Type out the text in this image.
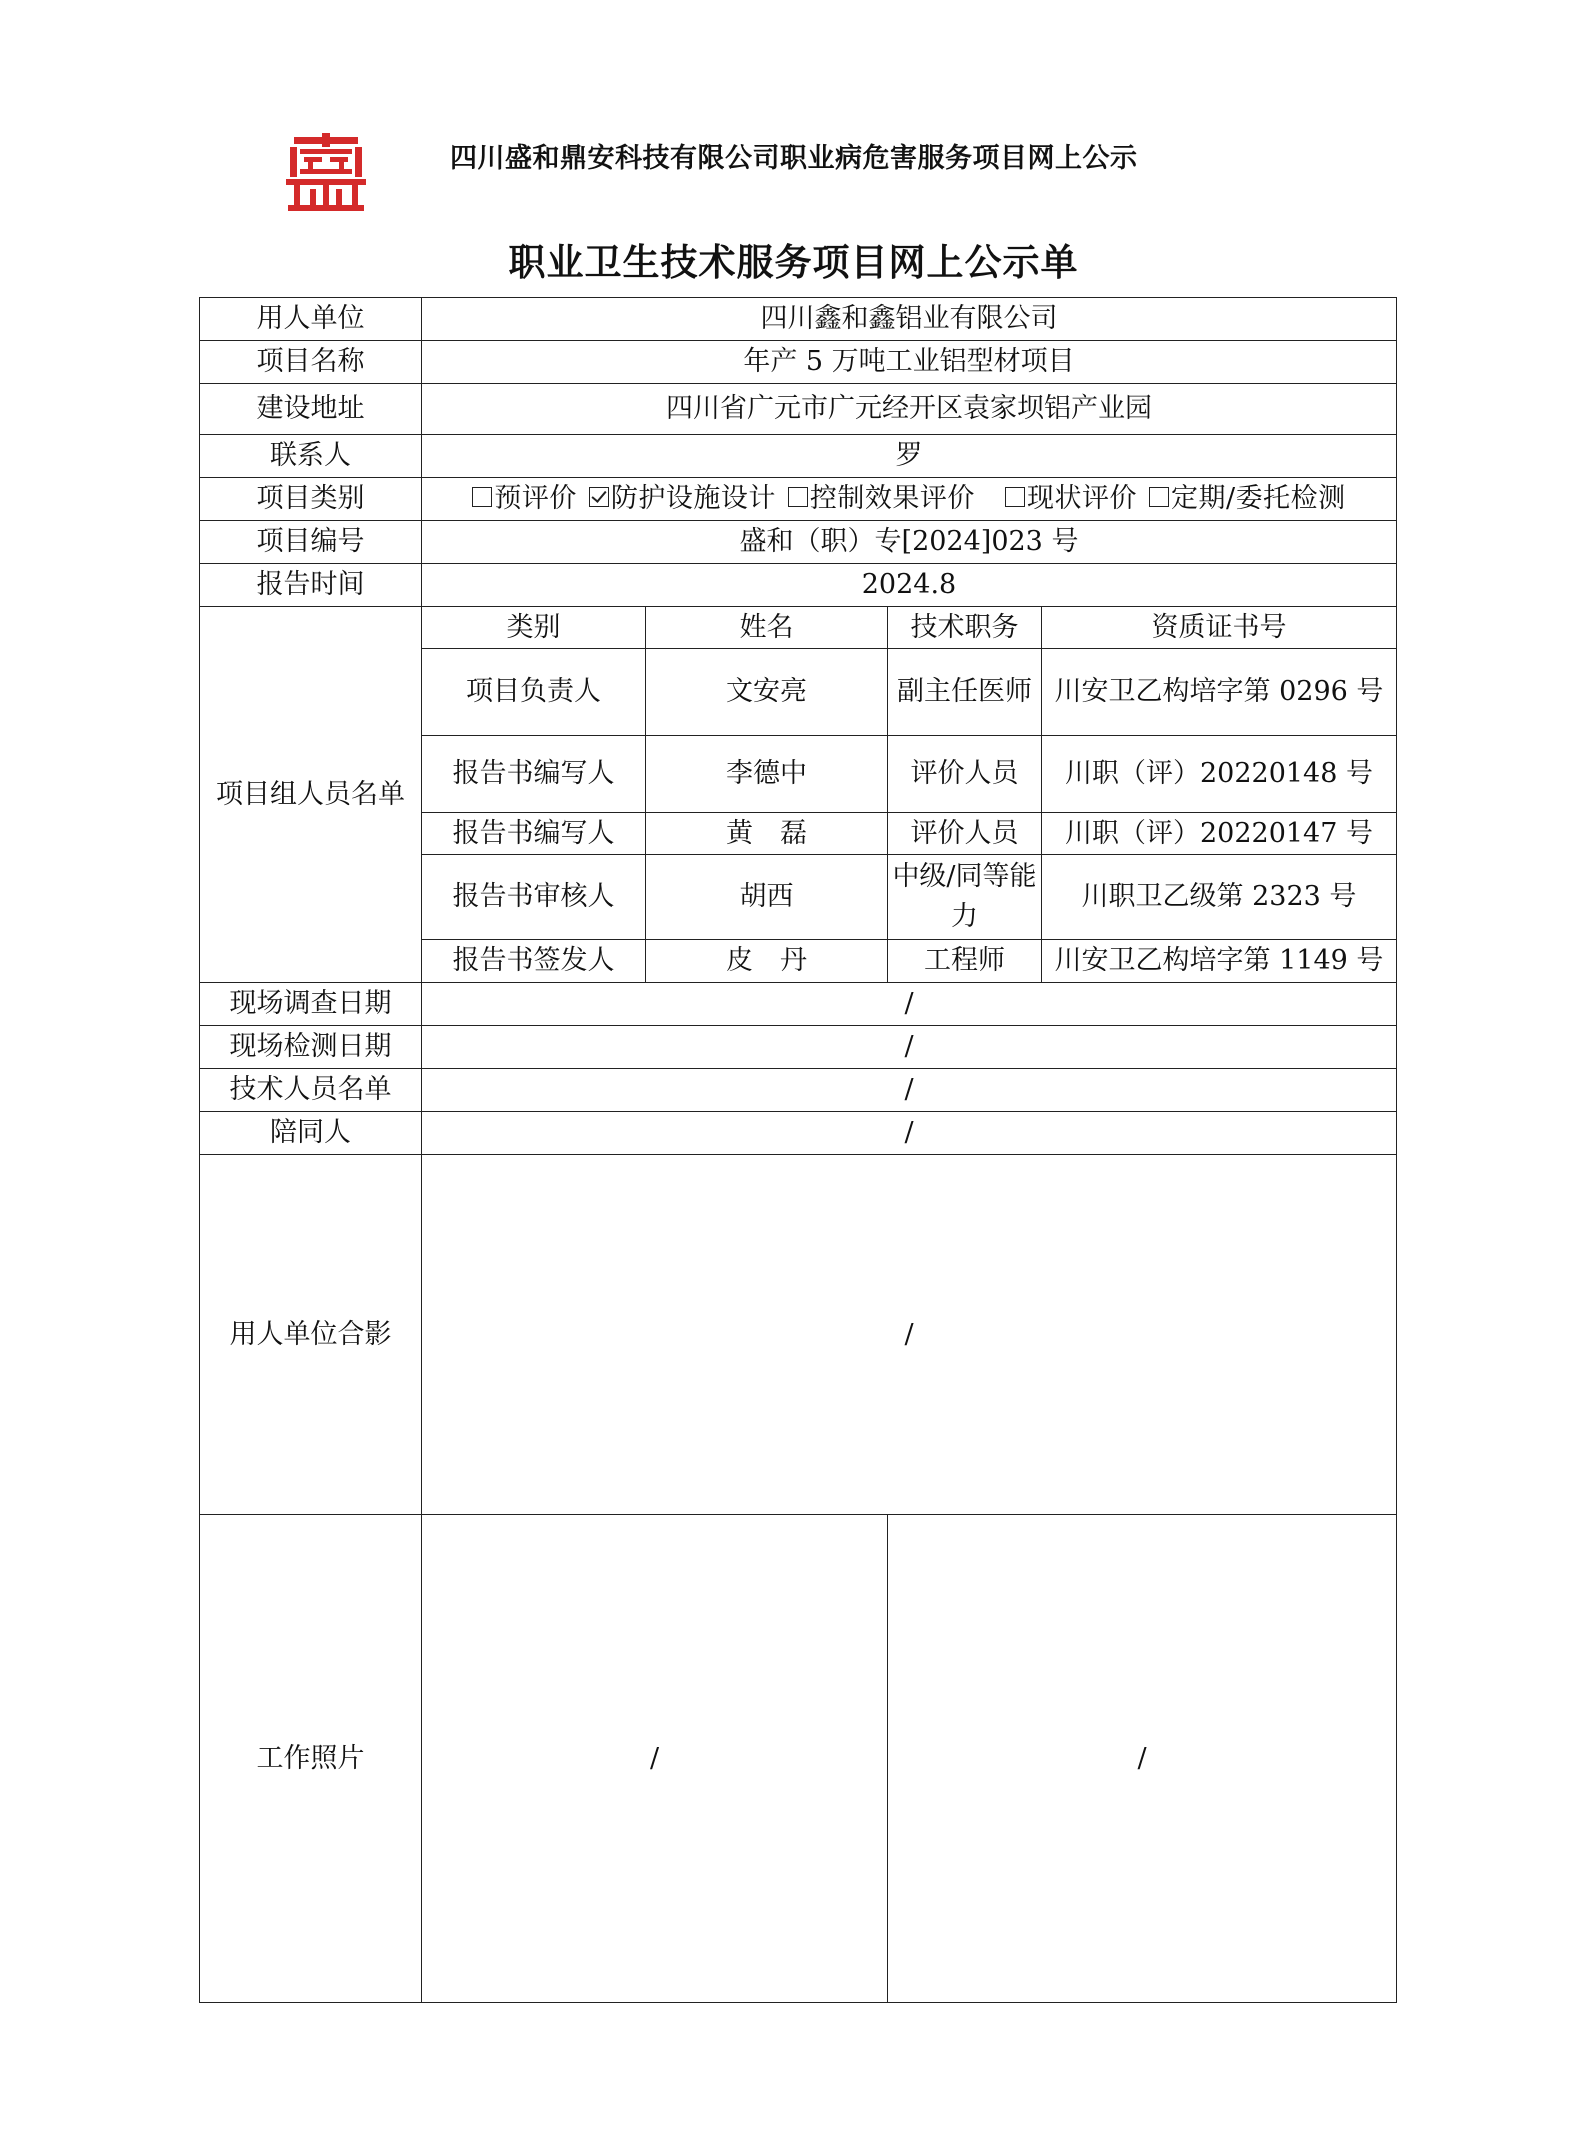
四川盛和鼎安科技有限公司职业病危害服务项目网上公示
职业卫生技术服务项目网上公示单
用人单位	四川鑫和鑫铝业有限公司			
项目名称	年产 5 万吨工业铝型材项目			
建设地址	四川省广元市广元经开区袁家坝铝产业园			
联系人	罗			
项目类别	预评价 防护设施设计 控制效果评价 现状评价 定期/委托检测			
项目编号	盛和（职）专[2024]023 号			
报告时间	2024.8			
项目组人员名单	类别	姓名	技术职务	资质证书号
	项目负责人	文安亮	副主任医师	川安卫乙构培字第 0296 号
	报告书编写人	李德中	评价人员	川职（评）20220148 号
	报告书编写人	黄　磊	评价人员	川职（评）20220147 号
	报告书审核人	胡西	中级/同等能力	川职卫乙级第 2323 号
	报告书签发人	皮　丹	工程师	川安卫乙构培字第 1149 号
现场调查日期	/			
现场检测日期	/			
技术人员名单	/			
陪同人	/			
用人单位合影	/			
工作照片	/		/	
